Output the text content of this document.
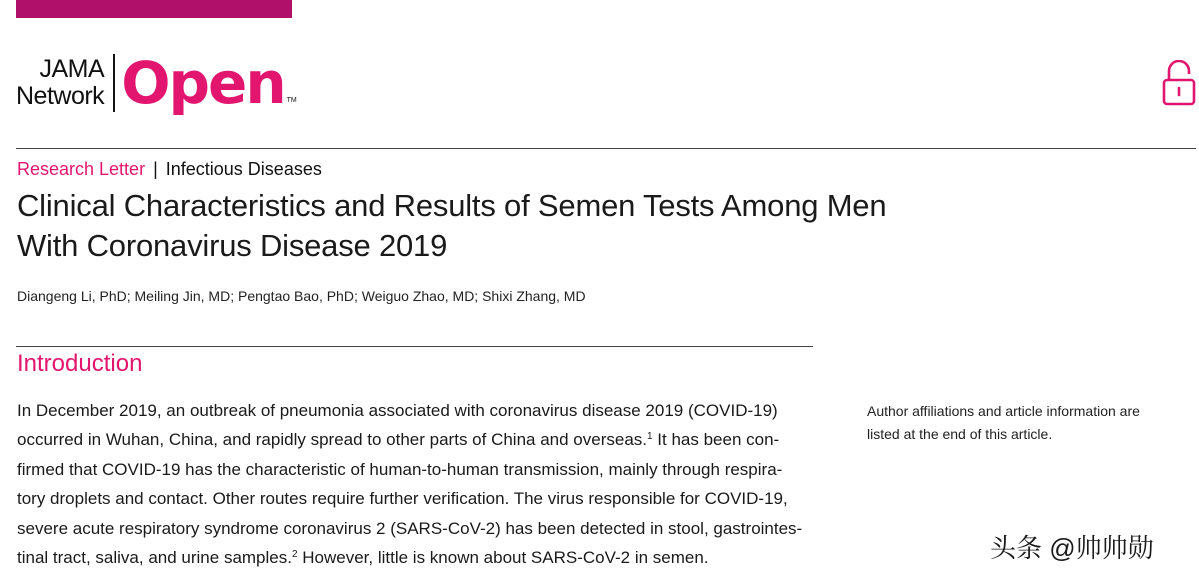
JAMA
Network Open TM
Research Letter | Infectious Diseases
Clinical Characteristics and Results of Semen Tests Among Men
With Coronavirus Disease 2019
Diangeng Li, PhD; Meiling Jin, MD; Pengtao Bao, PhD; Weiguo Zhao, MD; Shixi Zhang, MD
Introduction
In December 2019, an outbreak of pneumonia associated with coronavirus disease 2019 (COVID-19)
occurred in Wuhan, China, and rapidly spread to other parts of China and overseas.$^1$ It has been con-
firmed that COVID-19 has the characteristic of human-to-human transmission, mainly through respira-
tory droplets and contact. Other routes require further verification. The virus responsible for COVID-19,
severe acute respiratory syndrome coronavirus 2 (SARS-CoV-2) has been detected in stool, gastrointes-
tinal tract, saliva, and urine samples.$^2$ However, little is known about SARS-CoV-2 in semen.
Author affiliations and article information are
listed at the end of this article.
头条 @帅帅勋
